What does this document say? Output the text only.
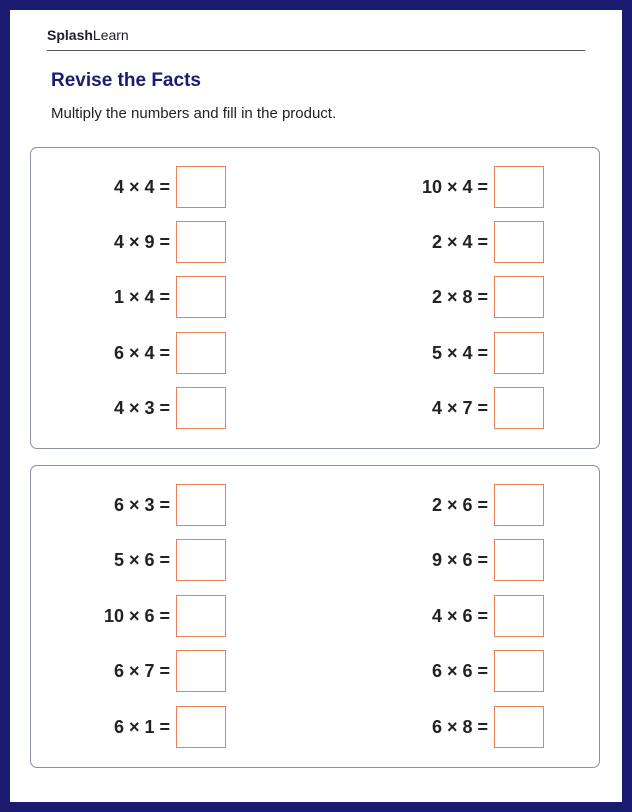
SplashLearn
Revise the Facts
Multiply the numbers and fill in the product.
4 × 4 =
4 × 9 =
1 × 4 =
6 × 4 =
4 × 3 =
10 × 4 =
2 × 4 =
2 × 8 =
5 × 4 =
4 × 7 =
6 × 3 =
5 × 6 =
10 × 6 =
6 × 7 =
6 × 1 =
2 × 6 =
9 × 6 =
4 × 6 =
6 × 6 =
6 × 8 =
